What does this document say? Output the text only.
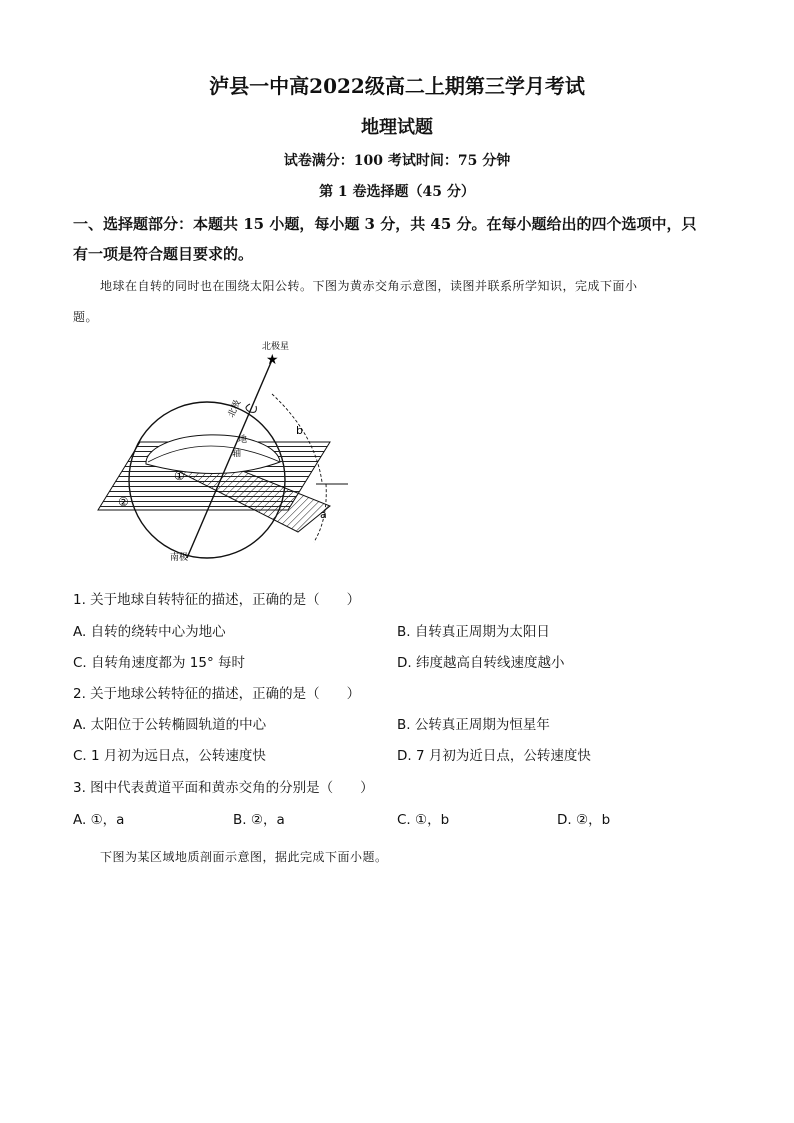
泸县一中高2022级高二上期第三学月考试
地理试题
试卷满分：100 考试时间：75 分钟
第 1 卷选择题（45 分）
一、选择题部分：本题共 15 小题，每小题 3 分，共 45 分。在每小题给出的四个选项中，只
有一项是符合题目要求的。
地球在自转的同时也在围绕太阳公转。下图为黄赤交角示意图，读图并联系所学知识，完成下面小
题。
★
北极星
北极
地
轴
南极
b
a
①
②
1. 关于地球自转特征的描述，正确的是（　　）
A. 自转的绕转中心为地心	B. 自转真正周期为太阳日
C. 自转角速度都为 15° 每时	D. 纬度越高自转线速度越小
2. 关于地球公转特征的描述，正确的是（　　）
A. 太阳位于公转椭圆轨道的中心	B. 公转真正周期为恒星年
C. 1 月初为远日点，公转速度快	D. 7 月初为近日点，公转速度快
3. 图中代表黄道平面和黄赤交角的分别是（　　）
A. ①，a	B. ②，a	C. ①，b	D. ②，b
下图为某区域地质剖面示意图，据此完成下面小题。
